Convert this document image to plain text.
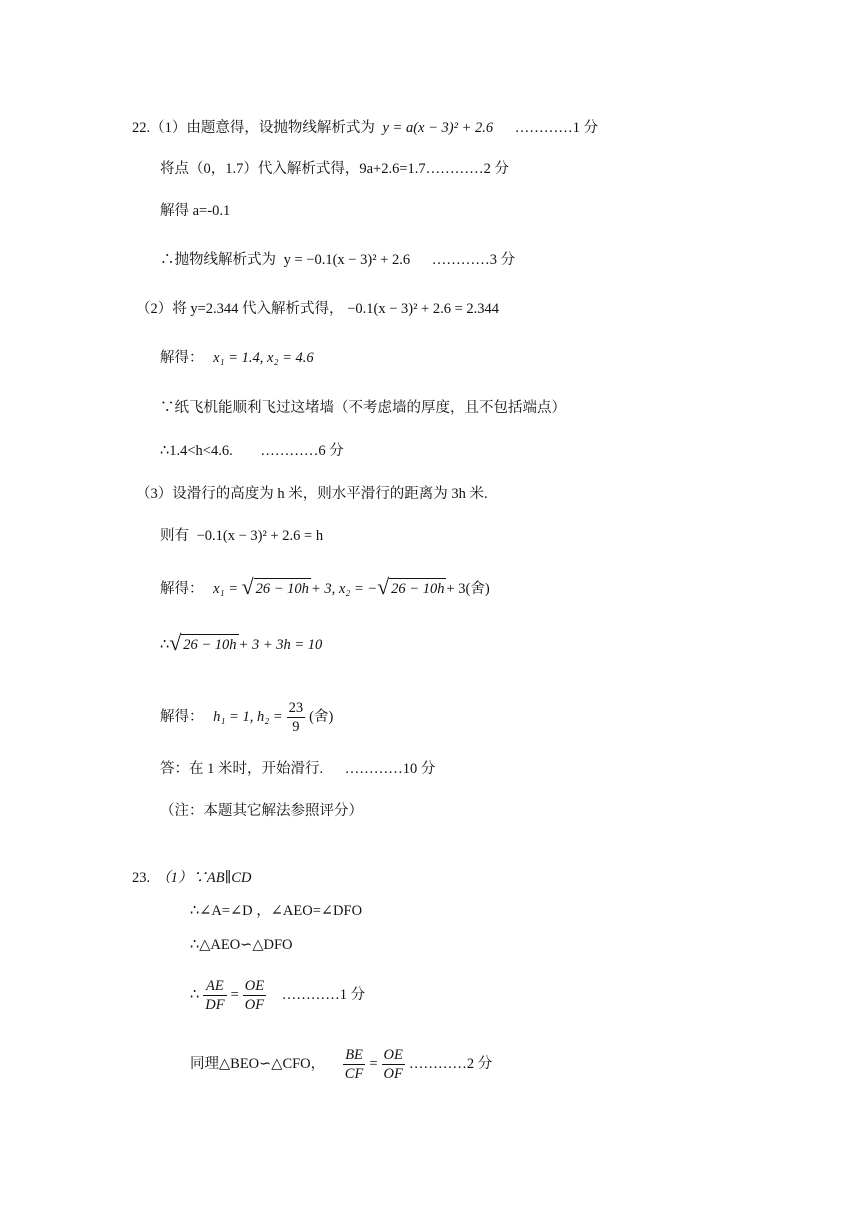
22.（1）由题意得，设抛物线解析式为 y = a(x − 3)² + 2.6 …………1 分
将点（0，1.7）代入解析式得，9a+2.6=1.7…………2 分
解得 a=-0.1
∴抛物线解析式为 y = −0.1(x − 3)² + 2.6 …………3 分
（2）将 y=2.344 代入解析式得， −0.1(x − 3)² + 2.6 = 2.344
解得： x₁ = 1.4, x₂ = 4.6
∵纸飞机能顺利飞过这堵墙（不考虑墙的厚度，且不包括端点）
∴1.4<h<4.6. …………6 分
（3）设滑行的高度为 h 米，则水平滑行的距离为 3h 米.
则有 −0.1(x − 3)² + 2.6 = h
解得： x₁ = √ 26 − 10h + 3, x₂ = − √ 26 − 10h + 3(舍)
∴ √ 26 − 10h + 3 + 3h = 10
解得： h₁ = 1, $h_2 = \frac{23}{9}$ (舍)
答：在 1 米时，开始滑行. …………10 分
（注：本题其它解法参照评分）
23. （1）∵AB∥CD
∴∠A=∠D ，∠AEO=∠DFO
∴△AEO∽△DFO
∴ $\frac{AE}{DF} = \frac{OE}{OF}$ …………1 分
同理△BEO∽△CFO， $\frac{BE}{CF} = \frac{OE}{OF}$ …………2 分
